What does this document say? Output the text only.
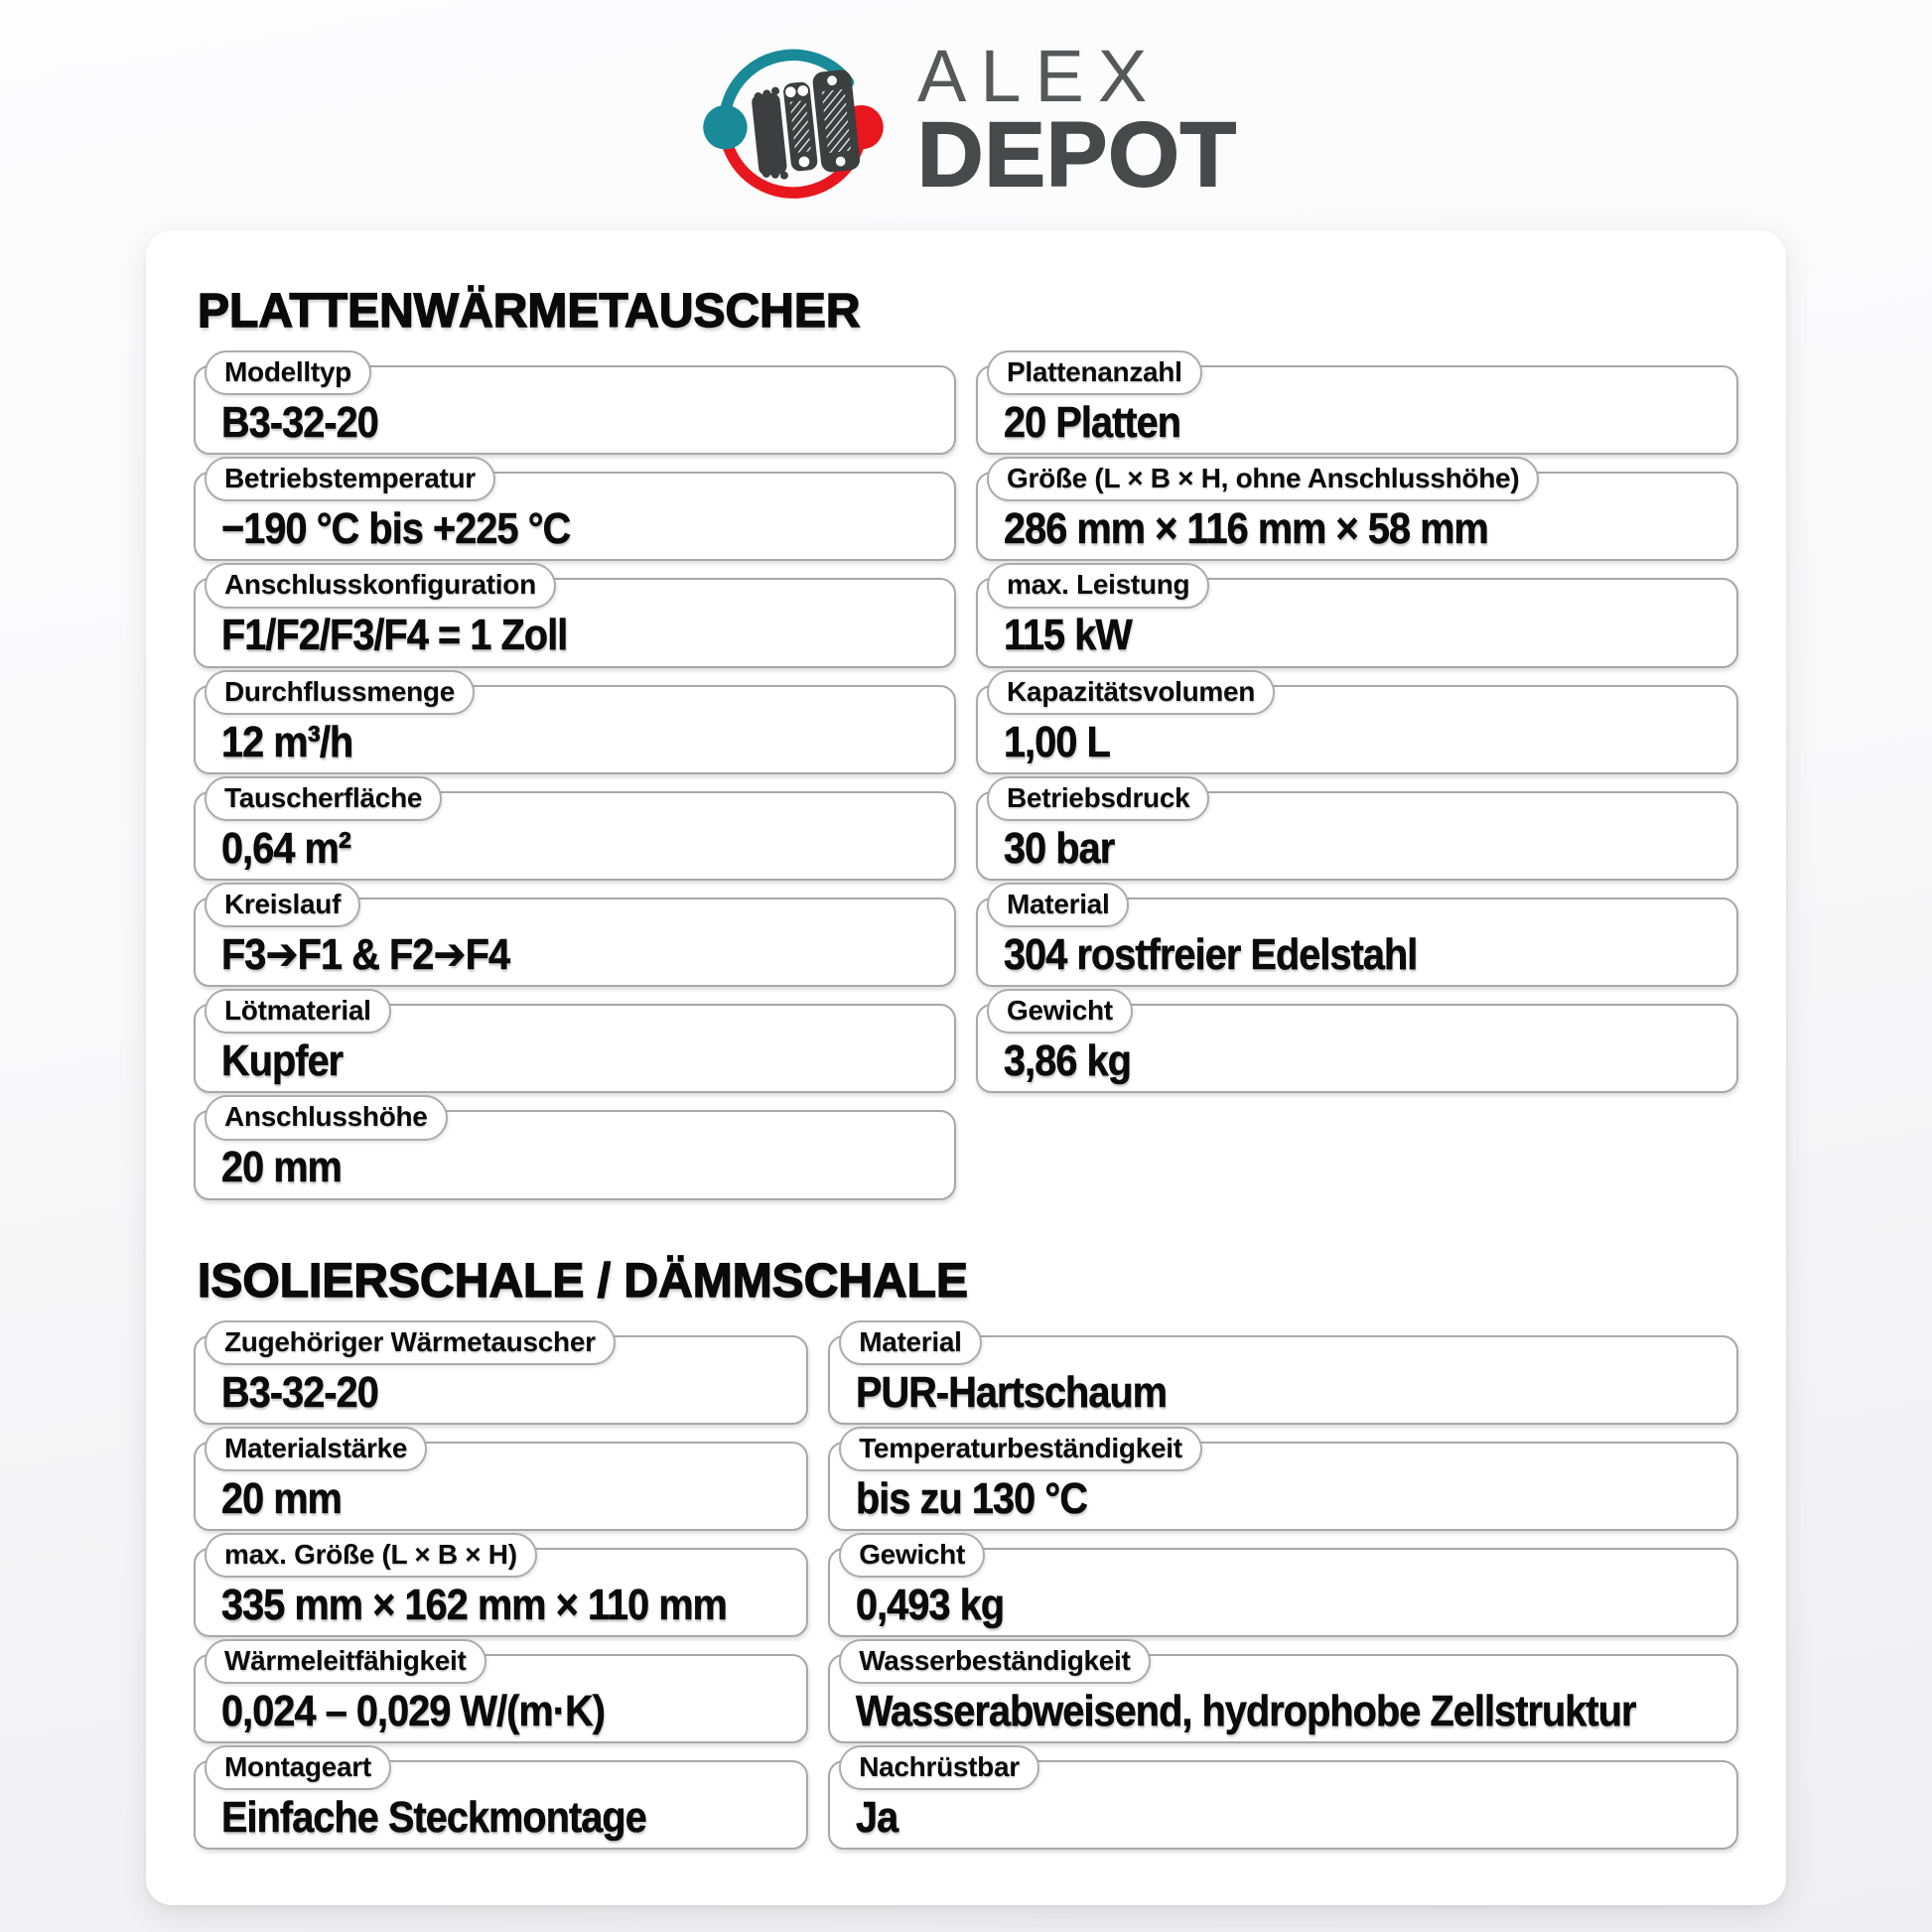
ALEX
DEPOT
PLATTENWÄRMETAUSCHER
Modelltyp
B3-32-20
Plattenanzahl
20 Platten
Betriebstemperatur
−190 °C bis +225 °C
Größe (L × B × H, ohne Anschlusshöhe)
286 mm × 116 mm × 58 mm
Anschlusskonfiguration
F1/F2/F3/F4 = 1 Zoll
max. Leistung
115 kW
Durchflussmenge
12 m³/h
Kapazitätsvolumen
1,00 L
Tauscherfläche
0,64 m²
Betriebsdruck
30 bar
Kreislauf
F3➔F1 & F2➔F4
Material
304 rostfreier Edelstahl
Lötmaterial
Kupfer
Gewicht
3,86 kg
Anschlusshöhe
20 mm
ISOLIERSCHALE / DÄMMSCHALE
Zugehöriger Wärmetauscher
B3-32-20
Material
PUR-Hartschaum
Materialstärke
20 mm
Temperaturbeständigkeit
bis zu 130 °C
max. Größe (L × B × H)
335 mm × 162 mm × 110 mm
Gewicht
0,493 kg
Wärmeleitfähigkeit
0,024 – 0,029 W/(m·K)
Wasserbeständigkeit
Wasserabweisend, hydrophobe Zellstruktur
Montageart
Einfache Steckmontage
Nachrüstbar
Ja
